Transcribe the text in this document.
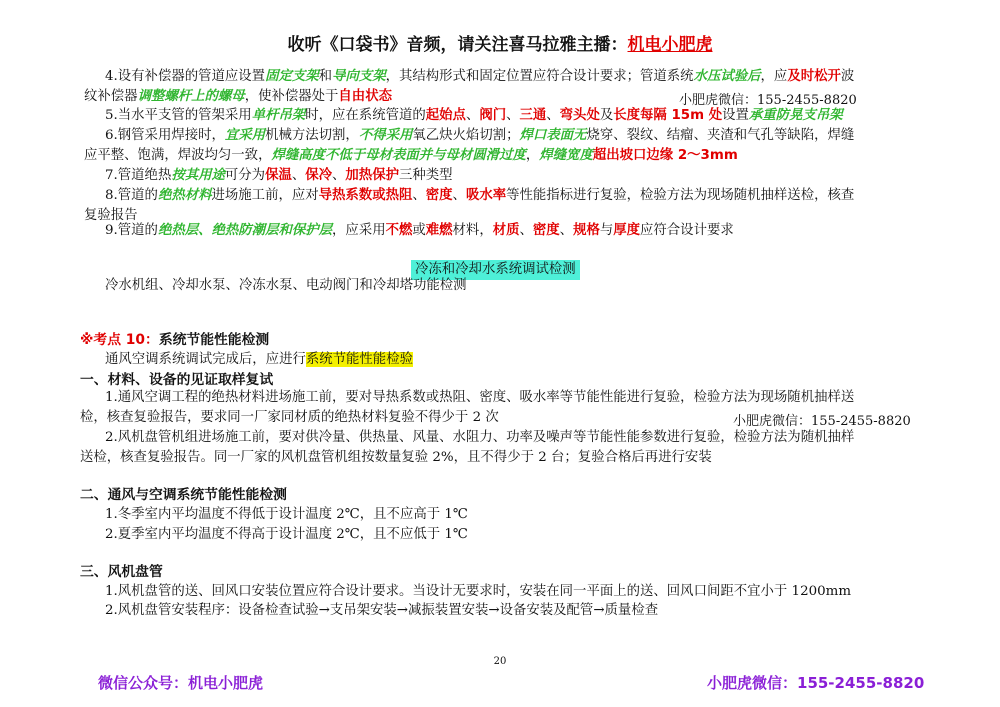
收听《口袋书》音频，请关注喜马拉雅主播：机电小肥虎
4.设有补偿器的管道应设置固定支架和导向支架，其结构形式和固定位置应符合设计要求；管道系统水压试验后，应及时松开波
纹补偿器调整螺杆上的螺母，使补偿器处于自由状态	小肥虎微信：155-2455-8820
5.当水平支管的管架采用单杆吊架时，应在系统管道的起始点、阀门、三通、弯头处及长度每隔 15m 处设置承重防晃支吊架
6.钢管采用焊接时，宜采用机械方法切割，不得采用氧乙炔火焰切割；焊口表面无烧穿、裂纹、结瘤、夹渣和气孔等缺陷，焊缝
应平整、饱满，焊波均匀一致，焊缝高度不低于母材表面并与母材圆滑过度，焊缝宽度超出坡口边缘 2～3mm
7.管道绝热按其用途可分为保温、保冷、加热保护三种类型
8.管道的绝热材料进场施工前，应对导热系数或热阻、密度、吸水率等性能指标进行复验，检验方法为现场随机抽样送检，核查
复验报告
9.管道的绝热层、绝热防潮层和保护层，应采用不燃或难燃材料，材质、密度、规格与厚度应符合设计要求
冷冻和冷却水系统调试检测
冷水机组、冷却水泵、冷冻水泵、电动阀门和冷却塔功能检测
※考点 10：系统节能性能检测
通风空调系统调试完成后，应进行系统节能性能检验
一、材料、设备的见证取样复试
1.通风空调工程的绝热材料进场施工前，要对导热系数或热阻、密度、吸水率等节能性能进行复验，检验方法为现场随机抽样送
检，核查复验报告，要求同一厂家同材质的绝热材料复验不得少于 2 次	小肥虎微信：155-2455-8820
2.风机盘管机组进场施工前，要对供冷量、供热量、风量、水阻力、功率及噪声等节能性能参数进行复验，检验方法为随机抽样
送检，核查复验报告。同一厂家的风机盘管机组按数量复验 2%，且不得少于 2 台；复验合格后再进行安装
二、通风与空调系统节能性能检测
1.冬季室内平均温度不得低于设计温度 2℃，且不应高于 1℃
2.夏季室内平均温度不得高于设计温度 2℃，且不应低于 1℃
三、风机盘管
1.风机盘管的送、回风口安装位置应符合设计要求。当设计无要求时，安装在同一平面上的送、回风口间距不宜小于 1200mm
2.风机盘管安装程序：设备检查试验→支吊架安装→减振装置安装→设备安装及配管→质量检查
20
微信公众号：机电小肥虎	小肥虎微信：155-2455-8820
